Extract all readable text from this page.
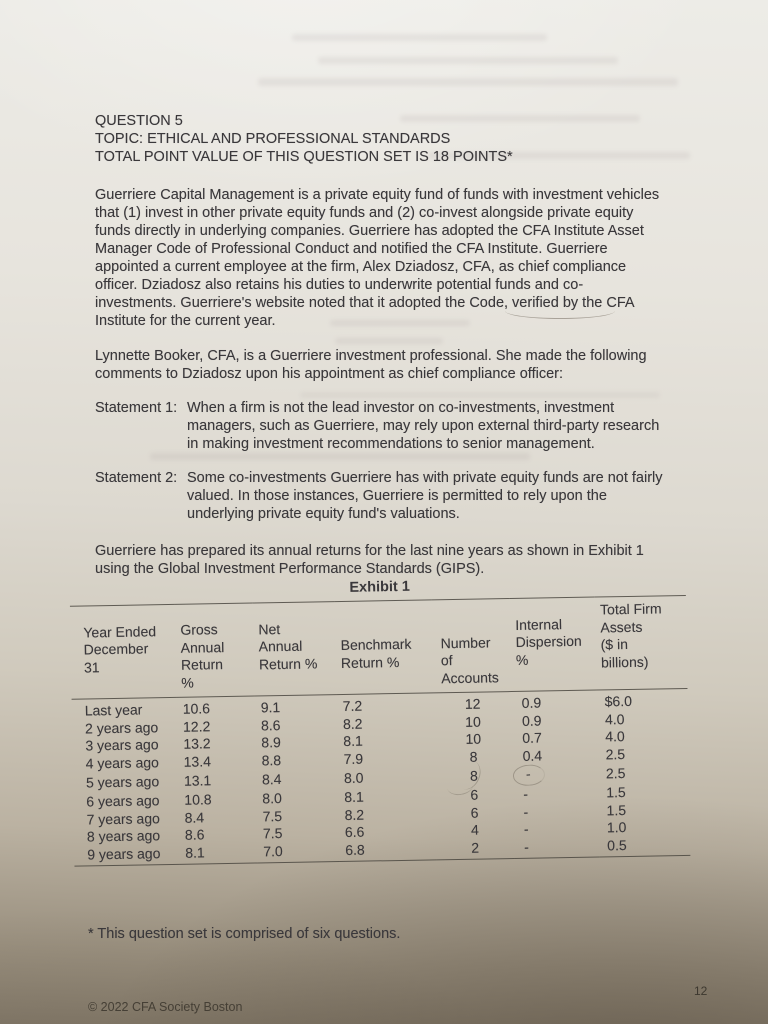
QUESTION 5
TOPIC: ETHICAL AND PROFESSIONAL STANDARDS
TOTAL POINT VALUE OF THIS QUESTION SET IS 18 POINTS*
Guerriere Capital Management is a private equity fund of funds with investment vehicles
that (1) invest in other private equity funds and (2) co-invest alongside private equity
funds directly in underlying companies. Guerriere has adopted the CFA Institute Asset
Manager Code of Professional Conduct and notified the CFA Institute. Guerriere
appointed a current employee at the firm, Alex Dziadosz, CFA, as chief compliance
officer. Dziadosz also retains his duties to underwrite potential funds and co-
investments. Guerriere's website noted that it adopted the Code, verified by the CFA
Institute for the current year.
Lynnette Booker, CFA, is a Guerriere investment professional. She made the following
comments to Dziadosz upon his appointment as chief compliance officer:
Statement 1: When a firm is not the lead investor on co-investments, investment
managers, such as Guerriere, may rely upon external third-party research
in making investment recommendations to senior management.
Statement 2: Some co-investments Guerriere has with private equity funds are not fairly
valued. In those instances, Guerriere is permitted to rely upon the
underlying private equity fund's valuations.
Guerriere has prepared its annual returns for the last nine years as shown in Exhibit 1
using the Global Investment Performance Standards (GIPS).
Exhibit 1
Year Ended
December
31	Gross
Annual
Return
%	Net
Annual
Return %	Benchmark
Return %	Number
of
Accounts	Internal
Dispersion
%	Total Firm
Assets
($ in
billions)
Last year	10.6	9.1	7.2	12	0.9	$6.0
2 years ago	12.2	8.6	8.2	10	0.9	4.0
3 years ago	13.2	8.9	8.1	10	0.7	4.0
4 years ago	13.4	8.8	7.9	8	0.4	2.5
5 years ago	13.1	8.4	8.0	8	-	2.5
6 years ago	10.8	8.0	8.1	6	-	1.5
7 years ago	8.4	7.5	8.2	6	-	1.5
8 years ago	8.6	7.5	6.6	4	-	1.0
9 years ago	8.1	7.0	6.8	2	-	0.5
* This question set is comprised of six questions.
© 2022 CFA Society Boston
12
